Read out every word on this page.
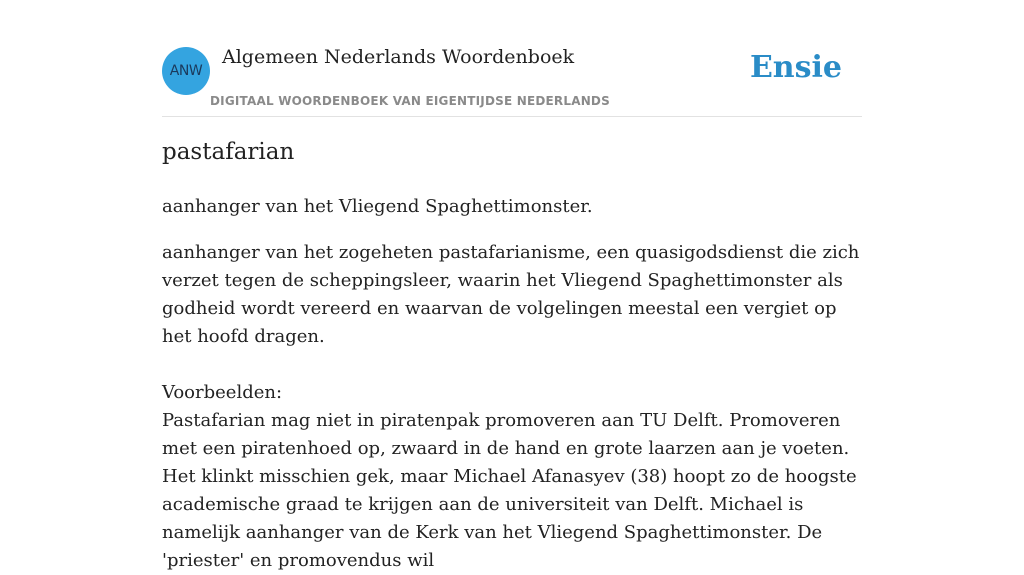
ANW
Algemeen Nederlands Woordenboek
DIGITAAL WOORDENBOEK VAN EIGENTIJDSE NEDERLANDS
Ensie
pastafarian
aanhanger van het Vliegend Spaghettimonster.

aanhanger van het zogeheten pastafarianisme, een quasigodsdienst die zich verzet tegen de scheppingsleer, waarin het Vliegend Spaghettimonster als godheid wordt vereerd en waarvan de volgelingen meestal een vergiet op het hoofd dragen.

Voorbeelden:

Pastafarian mag niet in piratenpak promoveren aan TU Delft. Promoveren met een piratenhoed op, zwaard in de hand en grote laarzen aan je voeten. Het klinkt misschien gek, maar Michael Afanasyev (38) hoopt zo de hoogste academische graad te krijgen aan de universiteit van Delft. Michael is namelijk aanhanger van de Kerk van het Vliegend Spaghettimonster. De 'priester' en promovendus wil
